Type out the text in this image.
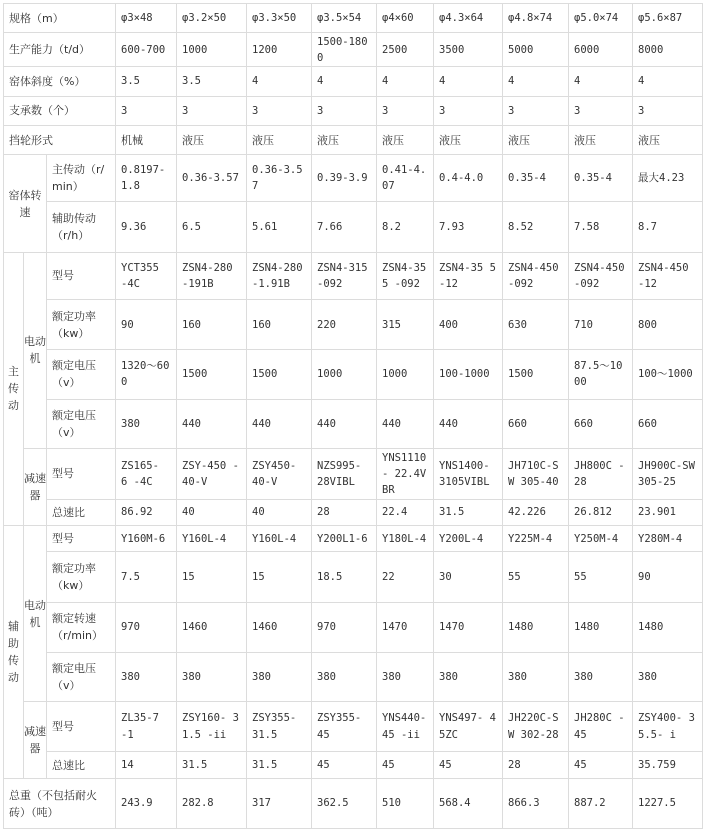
规格（m）			φ3×48	φ3.2×50	φ3.3×50	φ3.5×54	φ4×60	φ4.3×64	φ4.8×74	φ5.0×74	φ5.6×87
生产能力（t/d）			600-700	1000	1200	1500-1800	2500	3500	5000	6000	8000
窑体斜度（%）			3.5	3.5	4	4	4	4	4	4	4
支承数（个）			3	3	3	3	3	3	3	3	3
挡轮形式			机械	液压	液压	液压	液压	液压	液压	液压	液压
窑体转速		主传动（r/min）	0.8197-1.8	0.36-3.57	0.36-3.57	0.39-3.9	0.41-4.07	0.4-4.0	0.35-4	0.35-4	最大4.23
		辅助传动（r/h）	9.36	6.5	5.61	7.66	8.2	7.93	8.52	7.58	8.7
主传动	电动机	型号	YCT355 -4C	ZSN4-280 -191B	ZSN4-280 -1.91B	ZSN4-315 -092	ZSN4-355 -092	ZSN4-35 5 -12	ZSN4-450 -092	ZSN4-450 -092	ZSN4-450 -12
		额定功率（kw）	90	160	160	220	315	400	630	710	800
		额定电压（v）	1320～600	1500	1500	1000	1000	100-1000	1500	87.5～1000	100～1000
		额定电压（v）	380	440	440	440	440	440	660	660	660
	减速器	型号	ZS165- 6 -4C	ZSY-450 -40-V	ZSY450- 40-V	NZS995- 28VIBL	YNS1110- 22.4VBR	YNS1400- 3105VIBL	JH710C-SW 305-40	JH800C - 28	JH900C-SW 305-25
		总速比	86.92	40	40	28	22.4	31.5	42.226	26.812	23.901
辅助传动	电动机	型号	Y160M-6	Y160L-4	Y160L-4	Y200L1-6	Y180L-4	Y200L-4	Y225M-4	Y250M-4	Y280M-4
		额定功率（kw）	7.5	15	15	18.5	22	30	55	55	90
		额定转速（r/min）	970	1460	1460	970	1470	1470	1480	1480	1480
		额定电压（v）	380	380	380	380	380	380	380	380	380
	减速器	型号	ZL35-7 -1	ZSY160- 31.5 -ii	ZSY355- 31.5	ZSY355- 45	YNS440- 45 -ii	YNS497- 45ZC	JH220C-SW 302-28	JH280C - 45	ZSY400- 35.5- i
		总速比	14	31.5	31.5	45	45	45	28	45	35.759
总重（不包括耐火砖）（吨）			243.9	282.8	317	362.5	510	568.4	866.3	887.2	1227.5
